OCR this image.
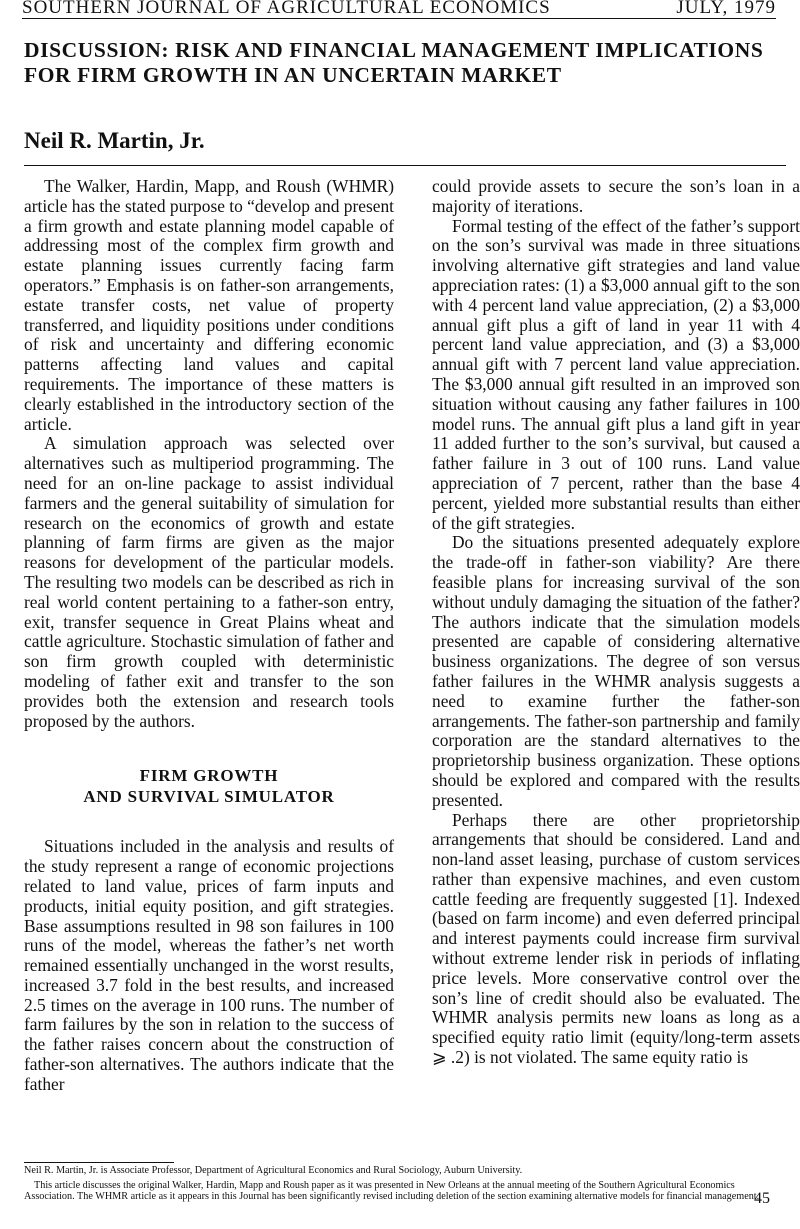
SOUTHERN JOURNAL OF AGRICULTURAL ECONOMICS	JULY, 1979
DISCUSSION: RISK AND FINANCIAL MANAGEMENT IMPLICATIONS FOR FIRM GROWTH IN AN UNCERTAIN MARKET
Neil R. Martin, Jr.

The Walker, Hardin, Mapp, and Roush (WHMR) article has the stated purpose to “develop and present a firm growth and estate planning model capable of addressing most of the complex firm growth and estate planning issues currently facing farm operators.” Emphasis is on father-son arrangements, estate transfer costs, net value of property transferred, and liquidity positions under conditions of risk and uncertainty and differing economic patterns affecting land values and capital requirements. The importance of these matters is clearly established in the introductory section of the article.

A simulation approach was selected over alternatives such as multiperiod programming. The need for an on-line package to assist individual farmers and the general suitability of simulation for research on the economics of growth and estate planning of farm firms are given as the major reasons for development of the particular models. The resulting two models can be described as rich in real world content pertaining to a father-son entry, exit, transfer sequence in Great Plains wheat and cattle agriculture. Stochastic simulation of father and son firm growth coupled with deterministic modeling of father exit and transfer to the son provides both the extension and research tools proposed by the authors.

FIRM GROWTH
AND SURVIVAL SIMULATOR

Situations included in the analysis and results of the study represent a range of economic projections related to land value, prices of farm inputs and products, initial equity position, and gift strategies. Base assumptions resulted in 98 son failures in 100 runs of the model, whereas the father’s net worth remained essentially unchanged in the worst results, increased 3.7 fold in the best results, and increased 2.5 times on the average in 100 runs. The number of farm failures by the son in relation to the success of the father raises concern about the construction of father-son alternatives. The authors indicate that the father

could provide assets to secure the son’s loan in a majority of iterations.

Formal testing of the effect of the father’s support on the son’s survival was made in three situations involving alternative gift strategies and land value appreciation rates: (1) a $3,000 annual gift to the son with 4 percent land value appreciation, (2) a $3,000 annual gift plus a gift of land in year 11 with 4 percent land value appreciation, and (3) a $3,000 annual gift with 7 percent land value appreciation. The $3,000 annual gift resulted in an improved son situation without causing any father failures in 100 model runs. The annual gift plus a land gift in year 11 added further to the son’s survival, but caused a father failure in 3 out of 100 runs. Land value appreciation of 7 percent, rather than the base 4 percent, yielded more substantial results than either of the gift strategies.

Do the situations presented adequately explore the trade-off in father-son viability? Are there feasible plans for increasing survival of the son without unduly damaging the situation of the father? The authors indicate that the simulation models presented are capable of considering alternative business organizations. The degree of son versus father failures in the WHMR analysis suggests a need to examine further the father-son arrangements. The father-son partnership and family corporation are the standard alternatives to the proprietorship business organization. These options should be explored and compared with the results presented.

Perhaps there are other proprietorship arrangements that should be considered. Land and non-land asset leasing, purchase of custom services rather than expensive machines, and even custom cattle feeding are frequently suggested [1]. Indexed (based on farm income) and even deferred principal and interest payments could increase firm survival without extreme lender risk in periods of inflating price levels. More conservative control over the son’s line of credit should also be evaluated. The WHMR analysis permits new loans as long as a specified equity ratio limit (equity/long-term assets ⩾ .2) is not violated. The same equity ratio is

Neil R. Martin, Jr. is Associate Professor, Department of Agricultural Economics and Rural Sociology, Auburn University.

This article discusses the original Walker, Hardin, Mapp and Roush paper as it was presented in New Orleans at the annual meeting of the Southern Agricultural Economics Association. The WHMR article as it appears in this Journal has been significantly revised including deletion of the section examining alternative models for financial management.

45
